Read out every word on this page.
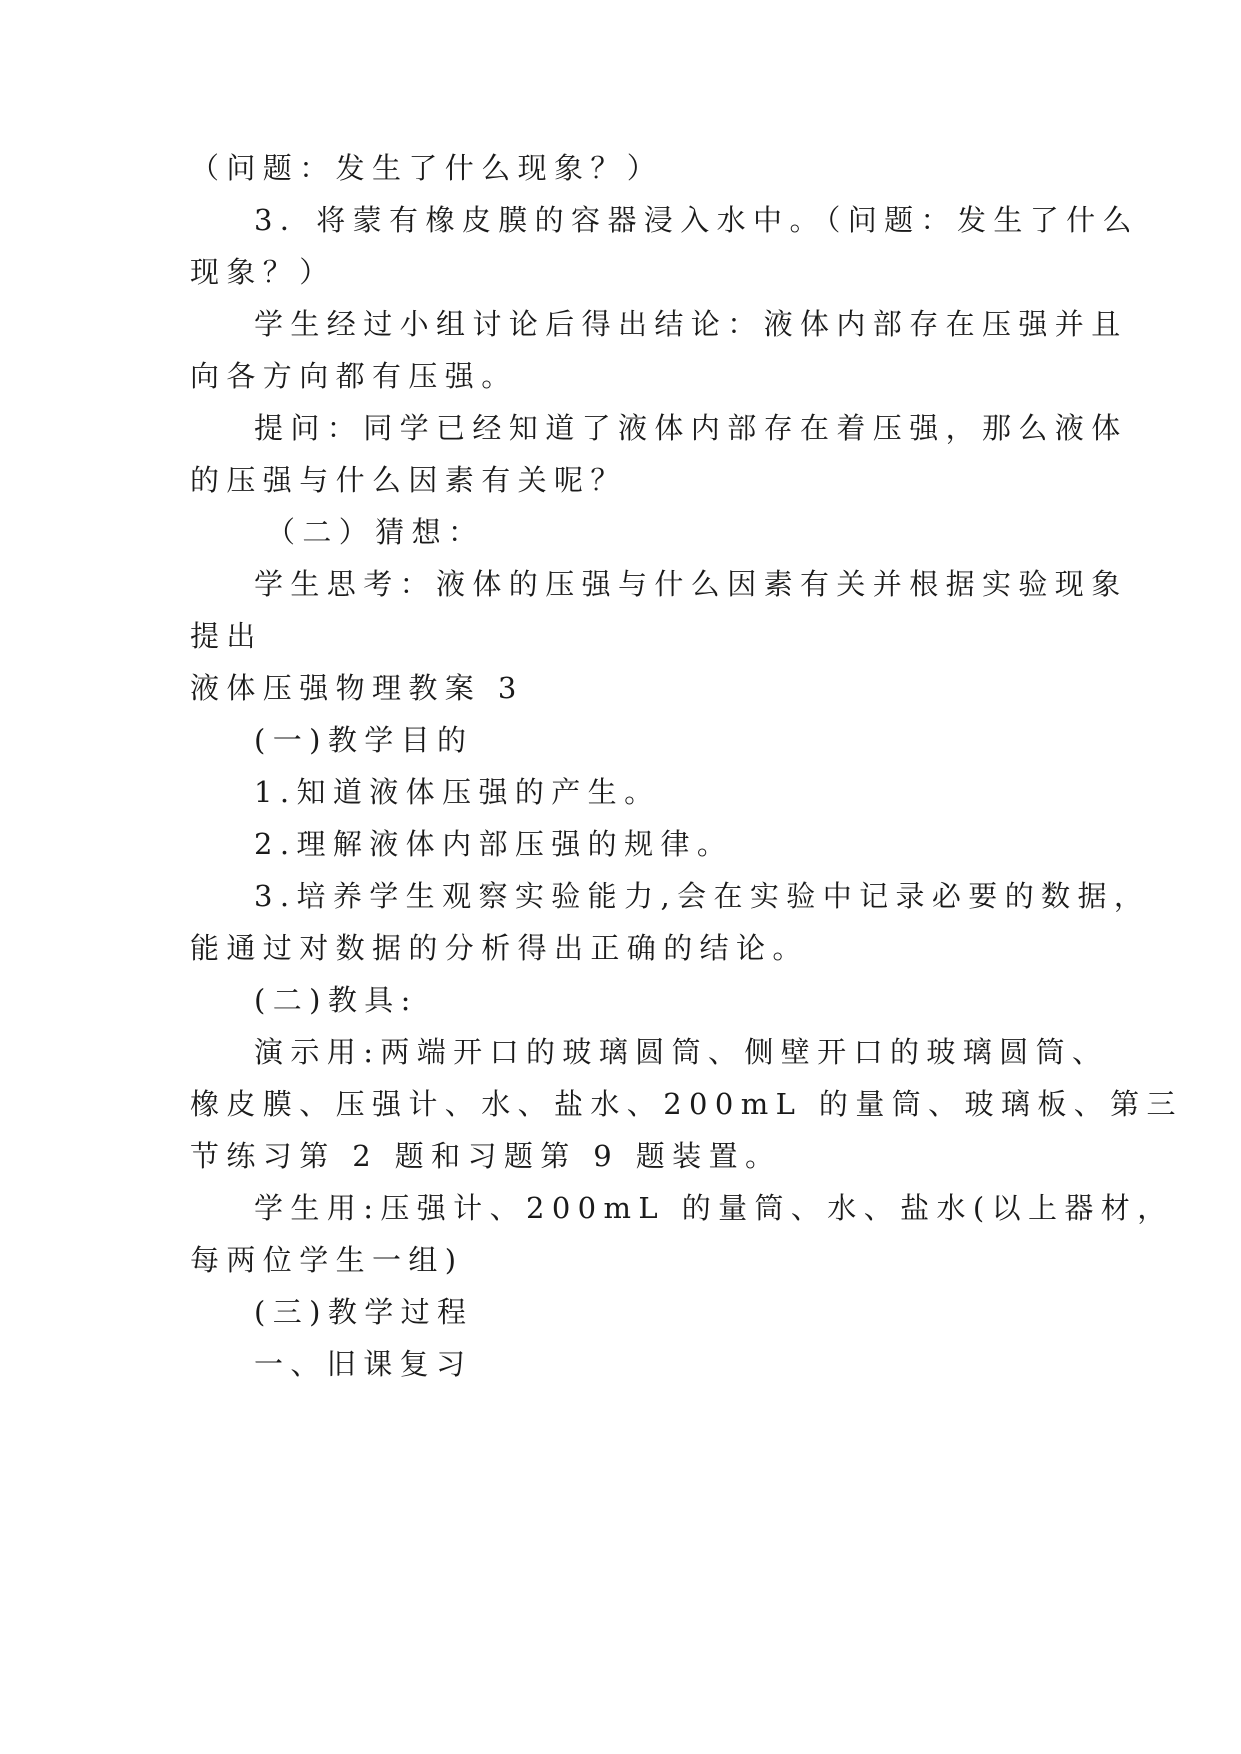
（问题：发生了什么现象？）
3．将蒙有橡皮膜的容器浸入水中。（问题：发生了什么
现象？）
学生经过小组讨论后得出结论：液体内部存在压强并且
向各方向都有压强。
提问：同学已经知道了液体内部存在着压强，那么液体
的压强与什么因素有关呢？
（二）猜想：
学生思考：液体的压强与什么因素有关并根据实验现象
提出
液体压强物理教案 3
(一)教学目的
1.知道液体压强的产生。
2.理解液体内部压强的规律。
3.培养学生观察实验能力,会在实验中记录必要的数据，
能通过对数据的分析得出正确的结论。
(二)教具:
演示用:两端开口的玻璃圆筒、侧壁开口的玻璃圆筒、
橡皮膜、压强计、水、盐水、200mL 的量筒、玻璃板、第三
节练习第 2 题和习题第 9 题装置。
学生用:压强计、200mL 的量筒、水、盐水(以上器材，
每两位学生一组)
(三)教学过程
一、旧课复习
